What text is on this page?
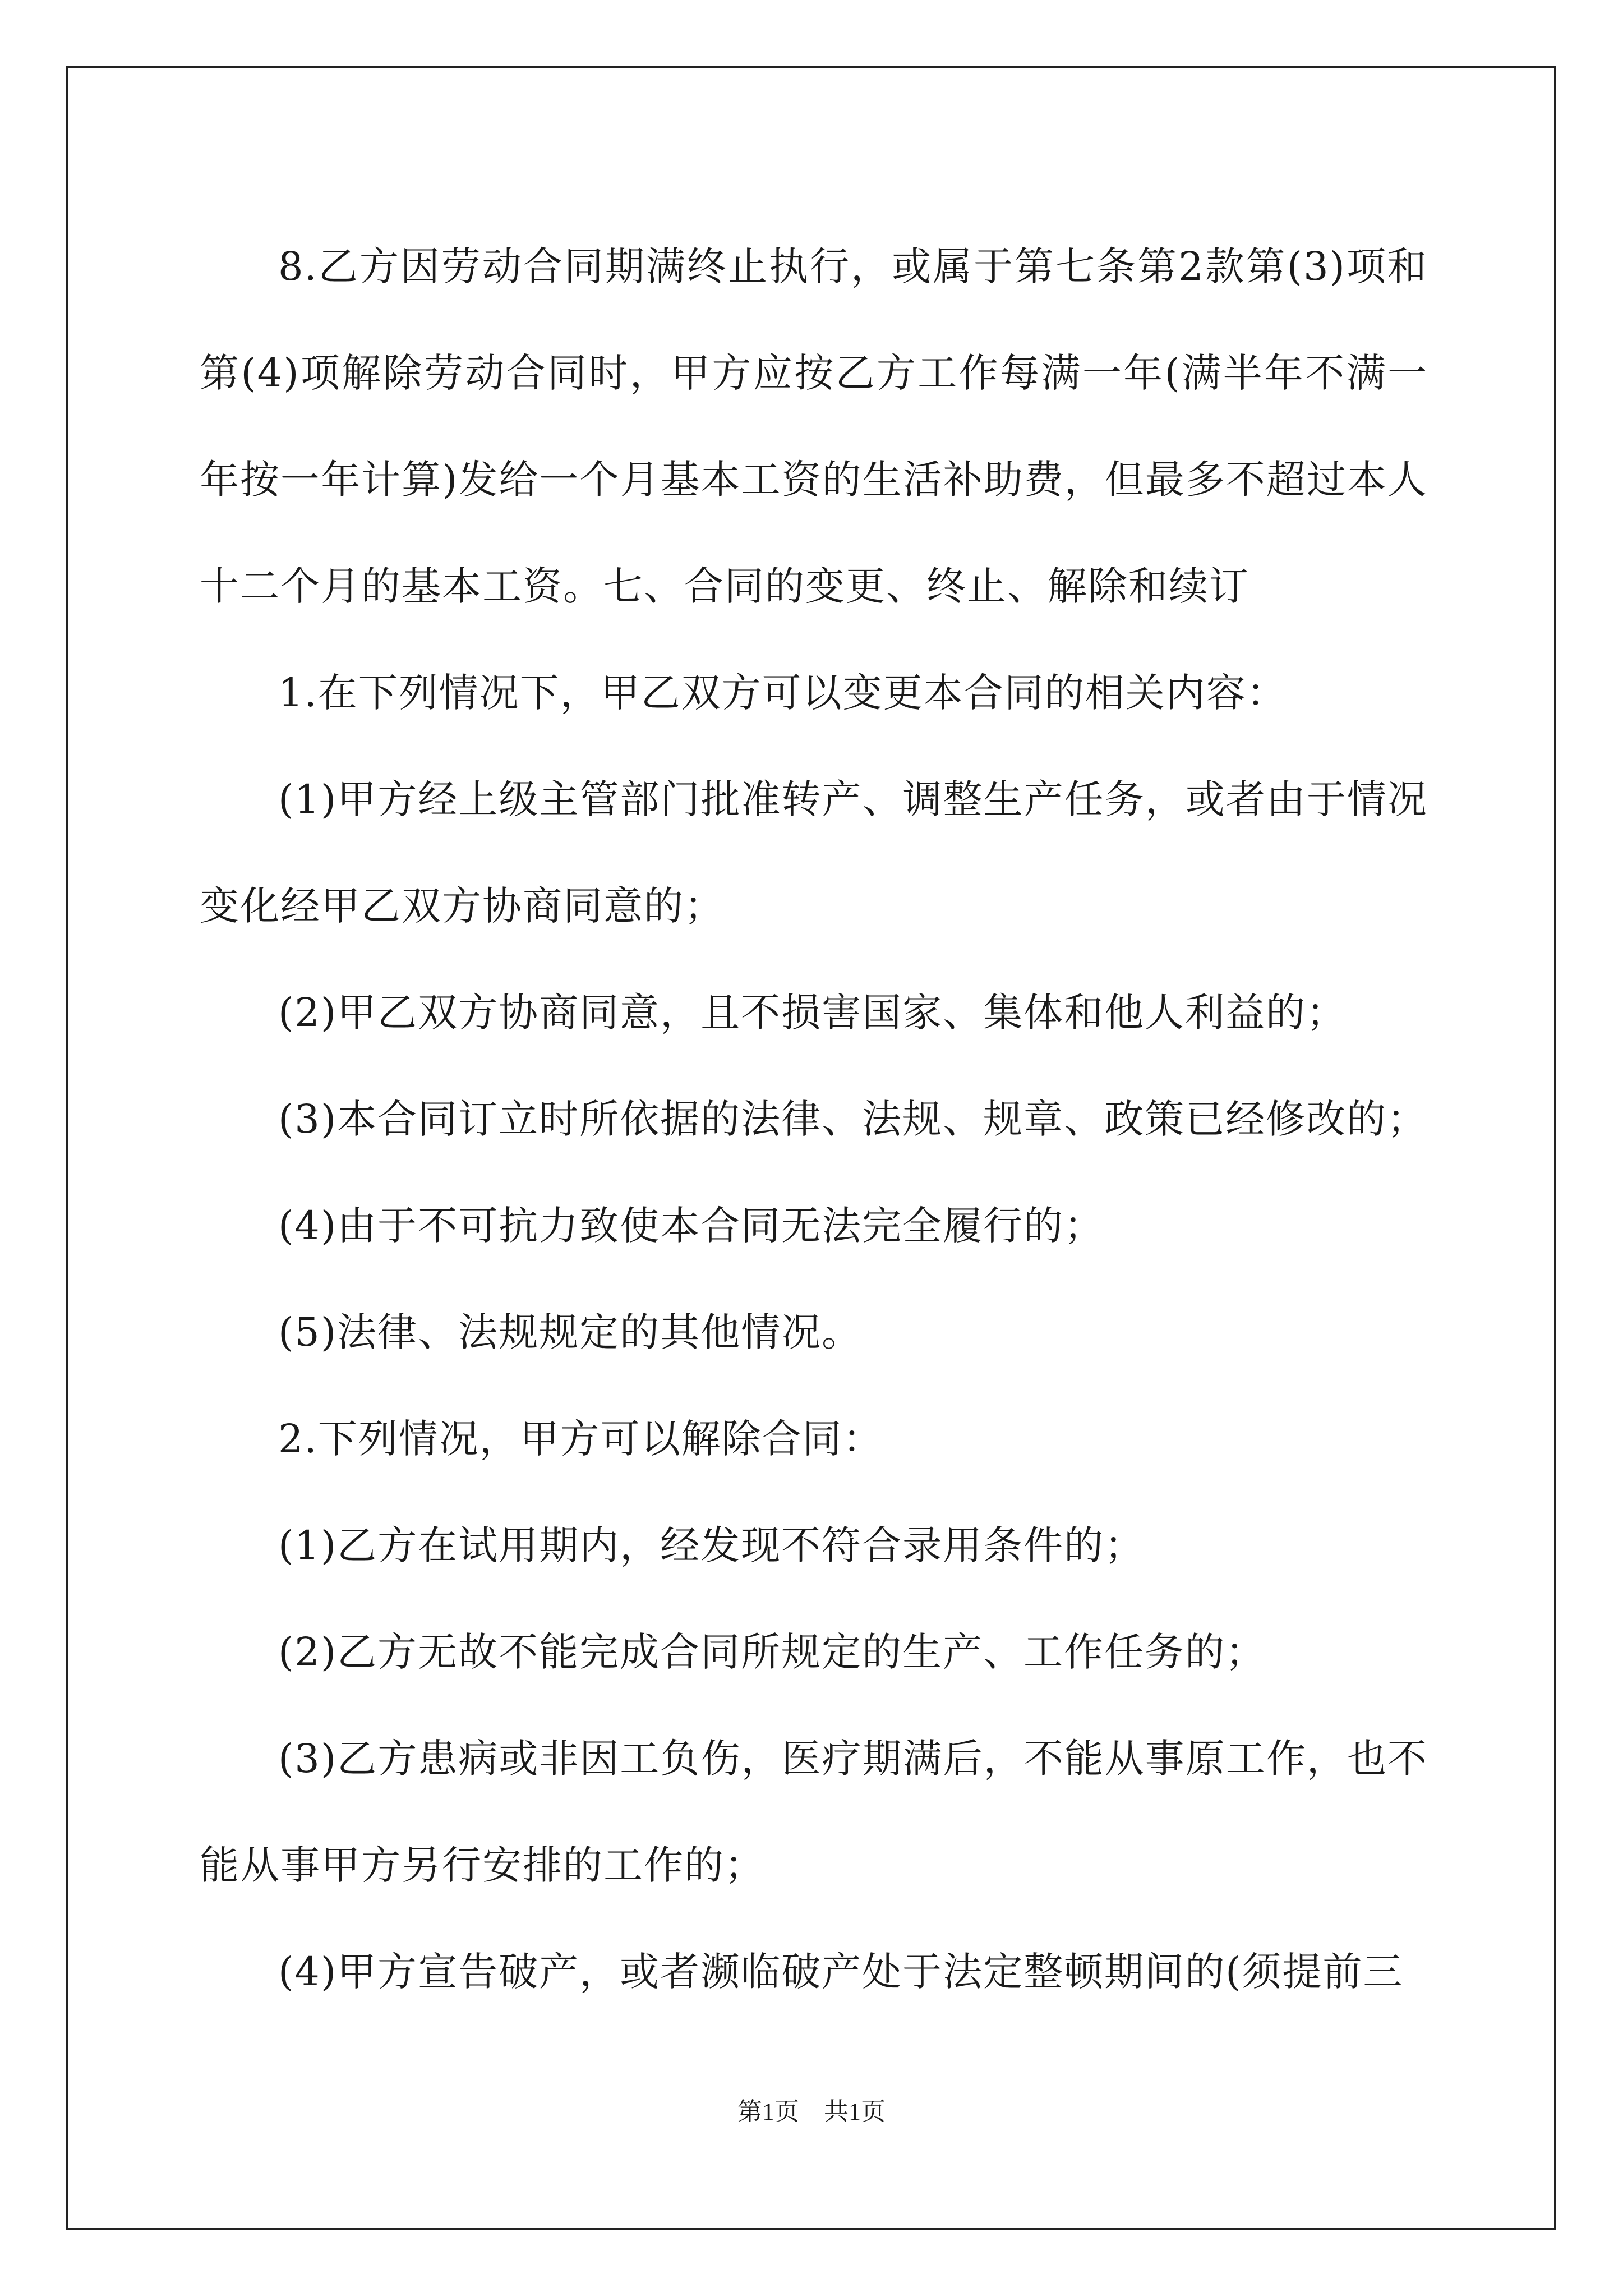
8.乙方因劳动合同期满终止执行，或属于第七条第2款第(3)项和第(4)项解除劳动合同时，甲方应按乙方工作每满一年(满半年不满一年按一年计算)发给一个月基本工资的生活补助费，但最多不超过本人十二个月的基本工资。七、合同的变更、终止、解除和续订

1.在下列情况下，甲乙双方可以变更本合同的相关内容：

(1)甲方经上级主管部门批准转产、调整生产任务，或者由于情况变化经甲乙双方协商同意的；

(2)甲乙双方协商同意，且不损害国家、集体和他人利益的；

(3)本合同订立时所依据的法律、法规、规章、政策已经修改的；

(4)由于不可抗力致使本合同无法完全履行的；

(5)法律、法规规定的其他情况。

2.下列情况，甲方可以解除合同：

(1)乙方在试用期内，经发现不符合录用条件的；

(2)乙方无故不能完成合同所规定的生产、工作任务的；

(3)乙方患病或非因工负伤，医疗期满后，不能从事原工作，也不能从事甲方另行安排的工作的；

(4)甲方宣告破产，或者濒临破产处于法定整顿期间的(须提前三

第1页　共1页
